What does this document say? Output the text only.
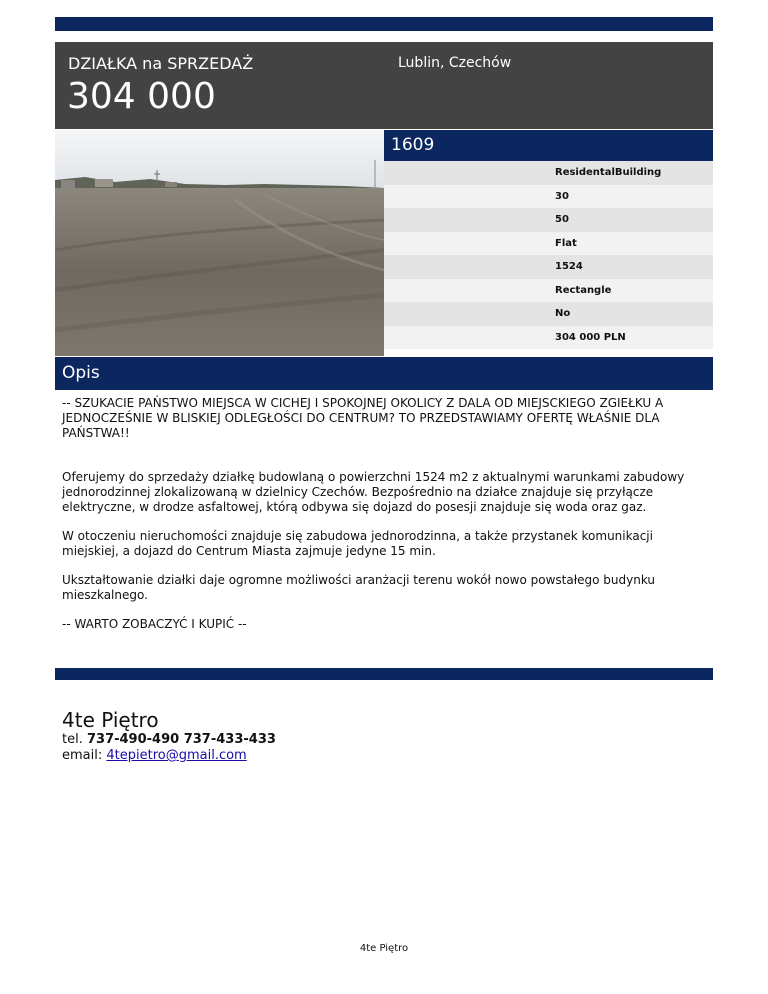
DZIAŁKA na SPRZEDAŻ
304 000
Lublin, Czechów
1609
ResidentalBuilding
30
50
Flat
1524
Rectangle
No
304 000 PLN
Opis

-- SZUKACIE PAŃSTWO MIEJSCA W CICHEJ I SPOKOJNEJ OKOLICY Z DALA OD MIEJSCKIEGO ZGIEŁKU A JEDNOCZEŚNIE W BLISKIEJ ODLEGŁOŚCI DO CENTRUM? TO PRZEDSTAWIAMY OFERTĘ WŁAŚNIE DLA PAŃSTWA!!

Oferujemy do sprzedaży działkę budowlaną o powierzchni 1524 m2 z aktualnymi warunkami zabudowy jednorodzinnej zlokalizowaną w dzielnicy Czechów. Bezpośrednio na działce znajduje się przyłącze elektryczne, w drodze asfaltowej, którą odbywa się dojazd do posesji znajduje się woda oraz gaz.

W otoczeniu nieruchomości znajduje się zabudowa jednorodzinna, a także przystanek komunikacji miejskiej, a dojazd do Centrum Miasta zajmuje jedyne 15 min.

Ukształtowanie działki daje ogromne możliwości aranżacji terenu wokół nowo powstałego budynku mieszkalnego.

-- WARTO ZOBACZYĆ I KUPIĆ --

4te Piętro
tel. 737-490-490 737-433-433
email: 4tepietro@gmail.com
4te Piętro
